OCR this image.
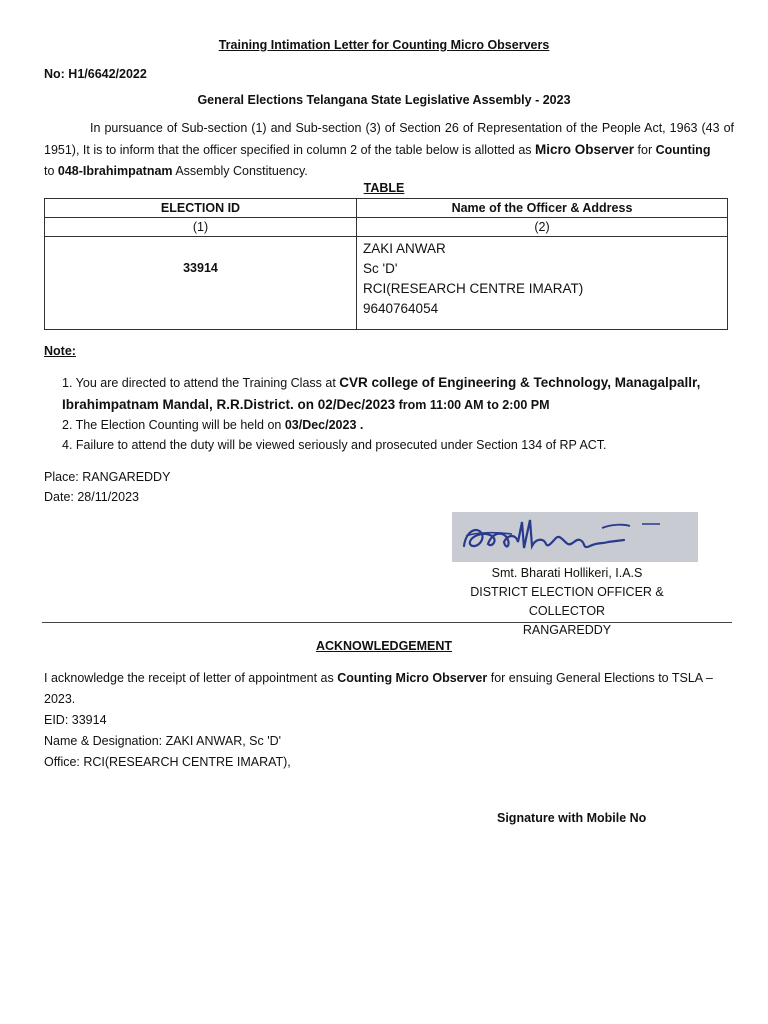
Training Intimation Letter for Counting Micro Observers
No: H1/6642/2022
General Elections Telangana State Legislative Assembly - 2023
In pursuance of Sub-section (1) and Sub-section (3) of Section 26 of Representation of the People Act, 1963 (43 of 1951), It is to inform that the officer specified in column 2 of the table below is allotted as Micro Observer for Counting
to 048-Ibrahimpatnam Assembly Constituency.
TABLE
ELECTION ID	Name of the Officer & Address
(1)	(2)
33914	ZAKI ANWAR
Sc 'D'
RCI(RESEARCH CENTRE IMARAT)
9640764054
Note:
1. You are directed to attend the Training Class at CVR college of Engineering & Technology, Managalpallr, Ibrahimpatnam Mandal, R.R.District. on 02/Dec/2023 from 11:00 AM to 2:00 PM
2. The Election Counting will be held on 03/Dec/2023 .
4. Failure to attend the duty will be viewed seriously and prosecuted under Section 134 of RP ACT.
Place: RANGAREDDY
Date: 28/11/2023
Smt. Bharati Hollikeri, I.A.S
DISTRICT ELECTION OFFICER & COLLECTOR
RANGAREDDY
ACKNOWLEDGEMENT
I acknowledge the receipt of letter of appointment as Counting Micro Observer for ensuing General Elections to TSLA – 2023.
EID: 33914
Name & Designation: ZAKI ANWAR, Sc 'D'
Office: RCI(RESEARCH CENTRE IMARAT),
Signature with Mobile No
